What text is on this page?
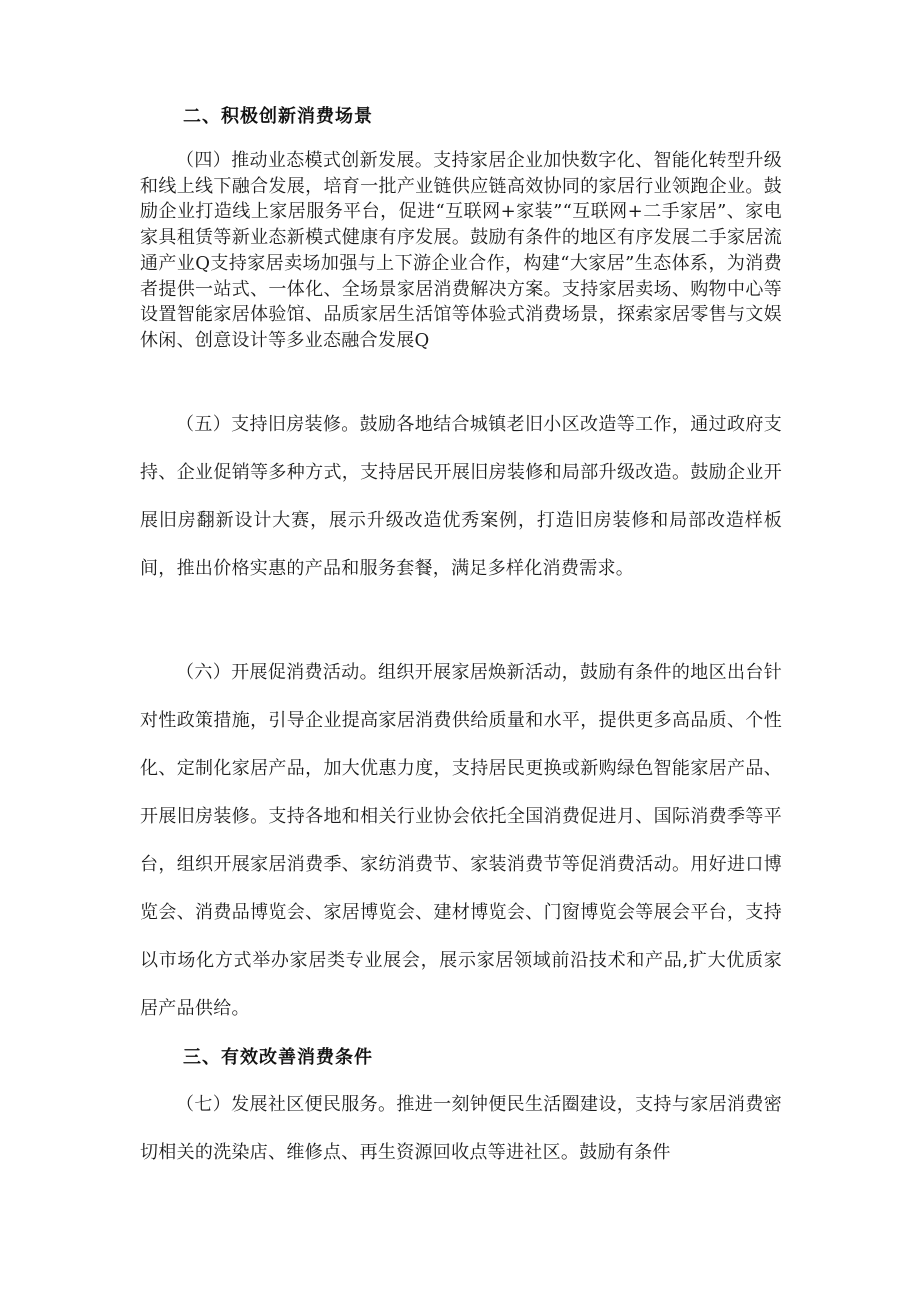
二、积极创新消费场景
（四）推动业态模式创新发展。支持家居企业加快数字化、智能化转型升级和线上线下融合发展，培育一批产业链供应链高效协同的家居行业领跑企业。鼓励企业打造线上家居服务平台，促进“互联网+家装”“互联网+二手家居”、家电家具租赁等新业态新模式健康有序发展。鼓励有条件的地区有序发展二手家居流通产业Q支持家居卖场加强与上下游企业合作，构建“大家居”生态体系，为消费者提供一站式、一体化、全场景家居消费解决方案。支持家居卖场、购物中心等设置智能家居体验馆、品质家居生活馆等体验式消费场景，探索家居零售与文娱休闲、创意设计等多业态融合发展Q
（五）支持旧房装修。鼓励各地结合城镇老旧小区改造等工作，通过政府支持、企业促销等多种方式，支持居民开展旧房装修和局部升级改造。鼓励企业开展旧房翻新设计大赛，展示升级改造优秀案例，打造旧房装修和局部改造样板间，推出价格实惠的产品和服务套餐，满足多样化消费需求。
（六）开展促消费活动。组织开展家居焕新活动，鼓励有条件的地区出台针对性政策措施，引导企业提高家居消费供给质量和水平，提供更多高品质、个性化、定制化家居产品，加大优惠力度，支持居民更换或新购绿色智能家居产品、开展旧房装修。支持各地和相关行业协会依托全国消费促进月、国际消费季等平台，组织开展家居消费季、家纺消费节、家装消费节等促消费活动。用好进口博览会、消费品博览会、家居博览会、建材博览会、门窗博览会等展会平台，支持以市场化方式举办家居类专业展会，展示家居领域前沿技术和产品,扩大优质家居产品供给。
三、有效改善消费条件
（七）发展社区便民服务。推进一刻钟便民生活圈建设，支持与家居消费密切相关的洗染店、维修点、再生资源回收点等进社区。鼓励有条件
